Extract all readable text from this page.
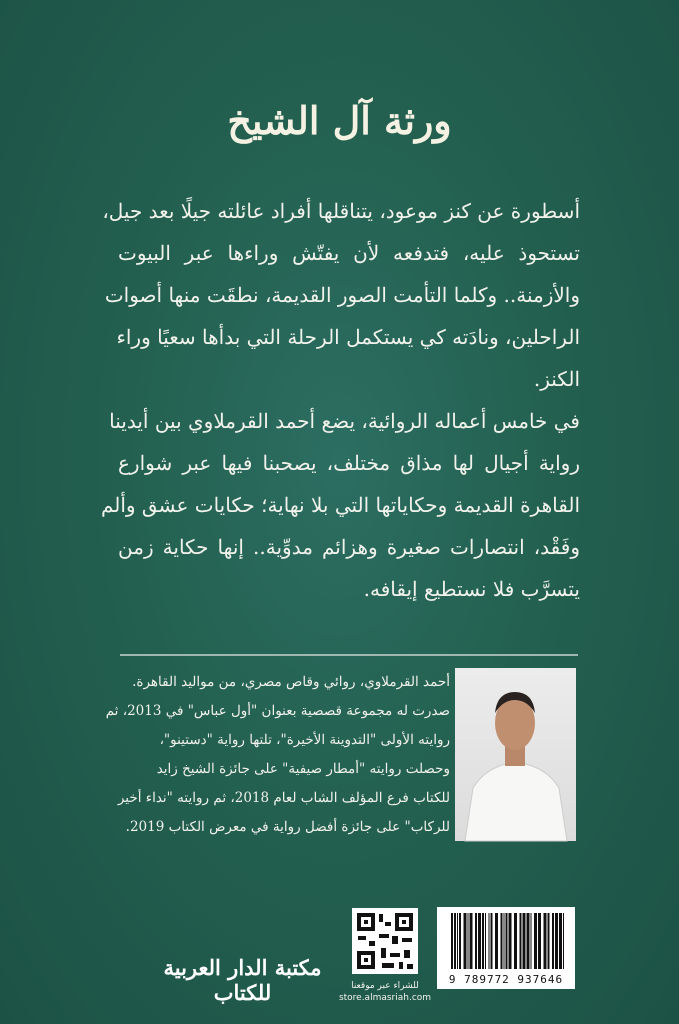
ورثة آل الشيخ
أسطورة عن كنز موعود، يتناقلها أفراد عائلته جيلًا بعد جيل،
تستحوذ عليه، فتدفعه لأن يفتّش وراءها عبر البيوت
والأزمنة.. وكلما التأمت الصور القديمة، نطقَت منها أصوات
الراحلين، ونادَته كي يستكمل الرحلة التي بدأها سعيًا وراء
الكنز.
في خامس أعماله الروائية، يضع أحمد القرملاوي بين أيدينا
رواية أجيال لها مذاق مختلف، يصحبنا فيها عبر شوارع
القاهرة القديمة وحكاياتها التي بلا نهاية؛ حكايات عشق وألم
وفَقْد، انتصارات صغيرة وهزائم مدوِّية.. إنها حكاية زمن
يتسرَّب فلا نستطيع إيقافه.
أحمد القرملاوي، روائي وقاص مصري، من مواليد القاهرة.
صدرت له مجموعة قصصية بعنوان "أول عباس" في 2013، ثم
روايته الأولى "التدوينة الأخيرة"، تلتها رواية "دستينو"،
وحصلت روايته "أمطار صيفية" على جائزة الشيخ زايد
للكتاب فرع المؤلف الشاب لعام 2018، ثم روايته "نداء أخير
للركاب" على جائزة أفضل رواية في معرض الكتاب 2019.
للشراء عبر موقعنا
store.almasriah.com
9 789772 937646
مكتبة الدار العربية للكتاب
